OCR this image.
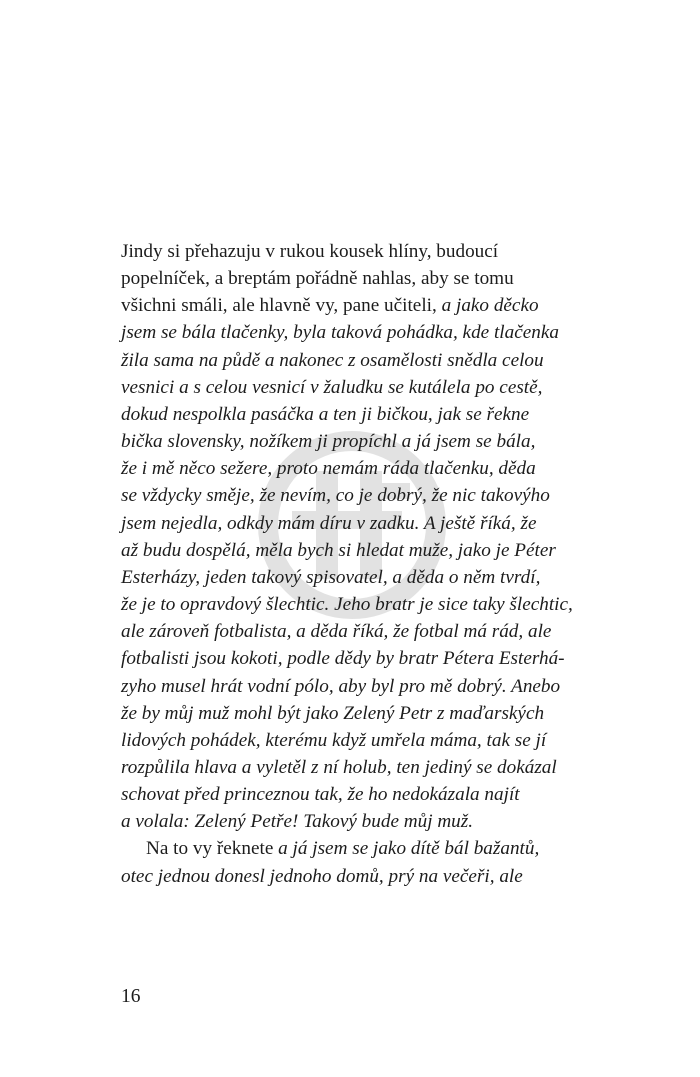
Jindy si přehazuju v rukou kousek hlíny, budoucí
popelníček, a breptám pořádně nahlas, aby se tomu
všichni smáli, ale hlavně vy, pane učiteli, a jako děcko
jsem se bála tlačenky, byla taková pohádka, kde tlačenka
žila sama na půdě a nakonec z osamělosti snědla celou
vesnici a s celou vesnicí v žaludku se kutálela po cestě,
dokud nespolkla pasáčka a ten ji bičkou, jak se řekne
bička slovensky, nožíkem ji propíchl a já jsem se bála,
že i mě něco sežere, proto nemám ráda tlačenku, děda
se vždycky směje, že nevím, co je dobrý, že nic takovýho
jsem nejedla, odkdy mám díru v zadku. A ještě říká, že
až budu dospělá, měla bych si hledat muže, jako je Péter
Esterházy, jeden takový spisovatel, a děda o něm tvrdí,
že je to opravdový šlechtic. Jeho bratr je sice taky šlechtic,
ale zároveň fotbalista, a děda říká, že fotbal má rád, ale
fotbalisti jsou kokoti, podle dědy by bratr Pétera Esterhá-
zyho musel hrát vodní pólo, aby byl pro mě dobrý. Anebo
že by můj muž mohl být jako Zelený Petr z maďarských
lidových pohádek, kterému když umřela máma, tak se jí
rozpůlila hlava a vyletěl z ní holub, ten jediný se dokázal
schovat před princeznou tak, že ho nedokázala najít
a volala: Zelený Petře! Takový bude můj muž.
Na to vy řeknete a já jsem se jako dítě bál bažantů,
otec jednou donesl jednoho domů, prý na večeři, ale
16
